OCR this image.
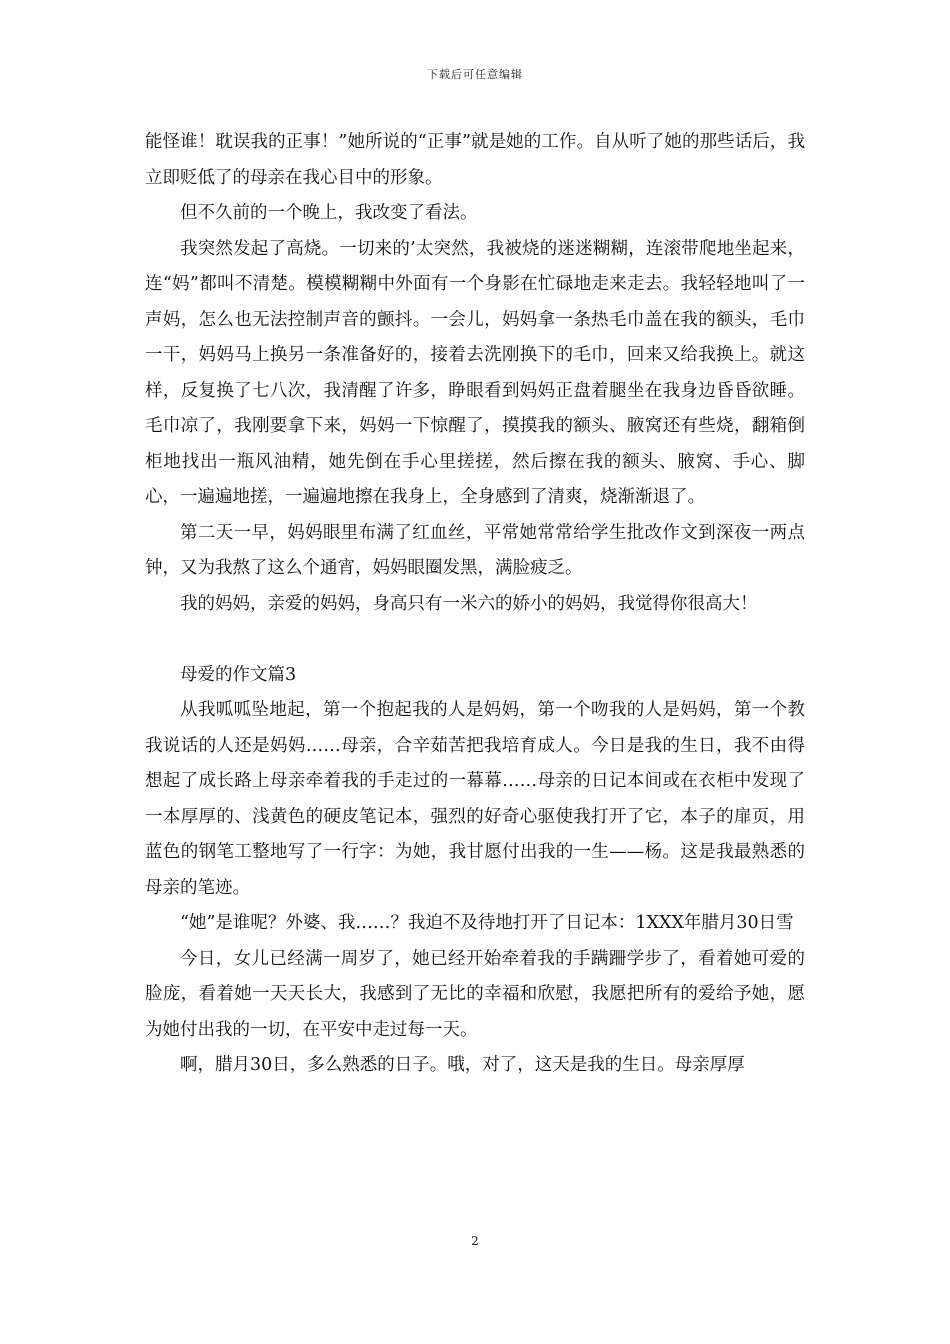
下载后可任意编辑

能怪谁！耽误我的正事！”她所说的“正事”就是她的工作。自从听了她的那些话后，我立即贬低了的母亲在我心目中的形象。

但不久前的一个晚上，我改变了看法。

我突然发起了高烧。一切来的’太突然，我被烧的迷迷糊糊，连滚带爬地坐起来，连“妈”都叫不清楚。模模糊糊中外面有一个身影在忙碌地走来走去。我轻轻地叫了一声妈，怎么也无法控制声音的颤抖。一会儿，妈妈拿一条热毛巾盖在我的额头，毛巾一干，妈妈马上换另一条准备好的，接着去洗刚换下的毛巾，回来又给我换上。就这样，反复换了七八次，我清醒了许多，睁眼看到妈妈正盘着腿坐在我身边昏昏欲睡。毛巾凉了，我刚要拿下来，妈妈一下惊醒了，摸摸我的额头、腋窝还有些烧，翻箱倒柜地找出一瓶风油精，她先倒在手心里搓搓，然后擦在我的额头、腋窝、手心、脚心，一遍遍地搓，一遍遍地擦在我身上，全身感到了清爽，烧渐渐退了。

第二天一早，妈妈眼里布满了红血丝，平常她常常给学生批改作文到深夜一两点钟，又为我熬了这么个通宵，妈妈眼圈发黑，满脸疲乏。

我的妈妈，亲爱的妈妈，身高只有一米六的娇小的妈妈，我觉得你很高大！

母爱的作文篇3

从我呱呱坠地起，第一个抱起我的人是妈妈，第一个吻我的人是妈妈，第一个教我说话的人还是妈妈……母亲，合辛茹苦把我培育成人。今日是我的生日，我不由得想起了成长路上母亲牵着我的手走过的一幕幕……母亲的日记本间或在衣柜中发现了一本厚厚的、浅黄色的硬皮笔记本，强烈的好奇心驱使我打开了它，本子的扉页，用蓝色的钢笔工整地写了一行字：为她，我甘愿付出我的一生——杨。这是我最熟悉的母亲的笔迹。

“她”是谁呢？外婆、我……？我迫不及待地打开了日记本：1XXX年腊月30日雪

今日，女儿已经满一周岁了，她已经开始牵着我的手蹒跚学步了，看着她可爱的脸庞，看着她一天天长大，我感到了无比的幸福和欣慰，我愿把所有的爱给予她，愿为她付出我的一切，在平安中走过每一天。

啊，腊月30日，多么熟悉的日子。哦，对了，这天是我的生日。母亲厚厚

2
